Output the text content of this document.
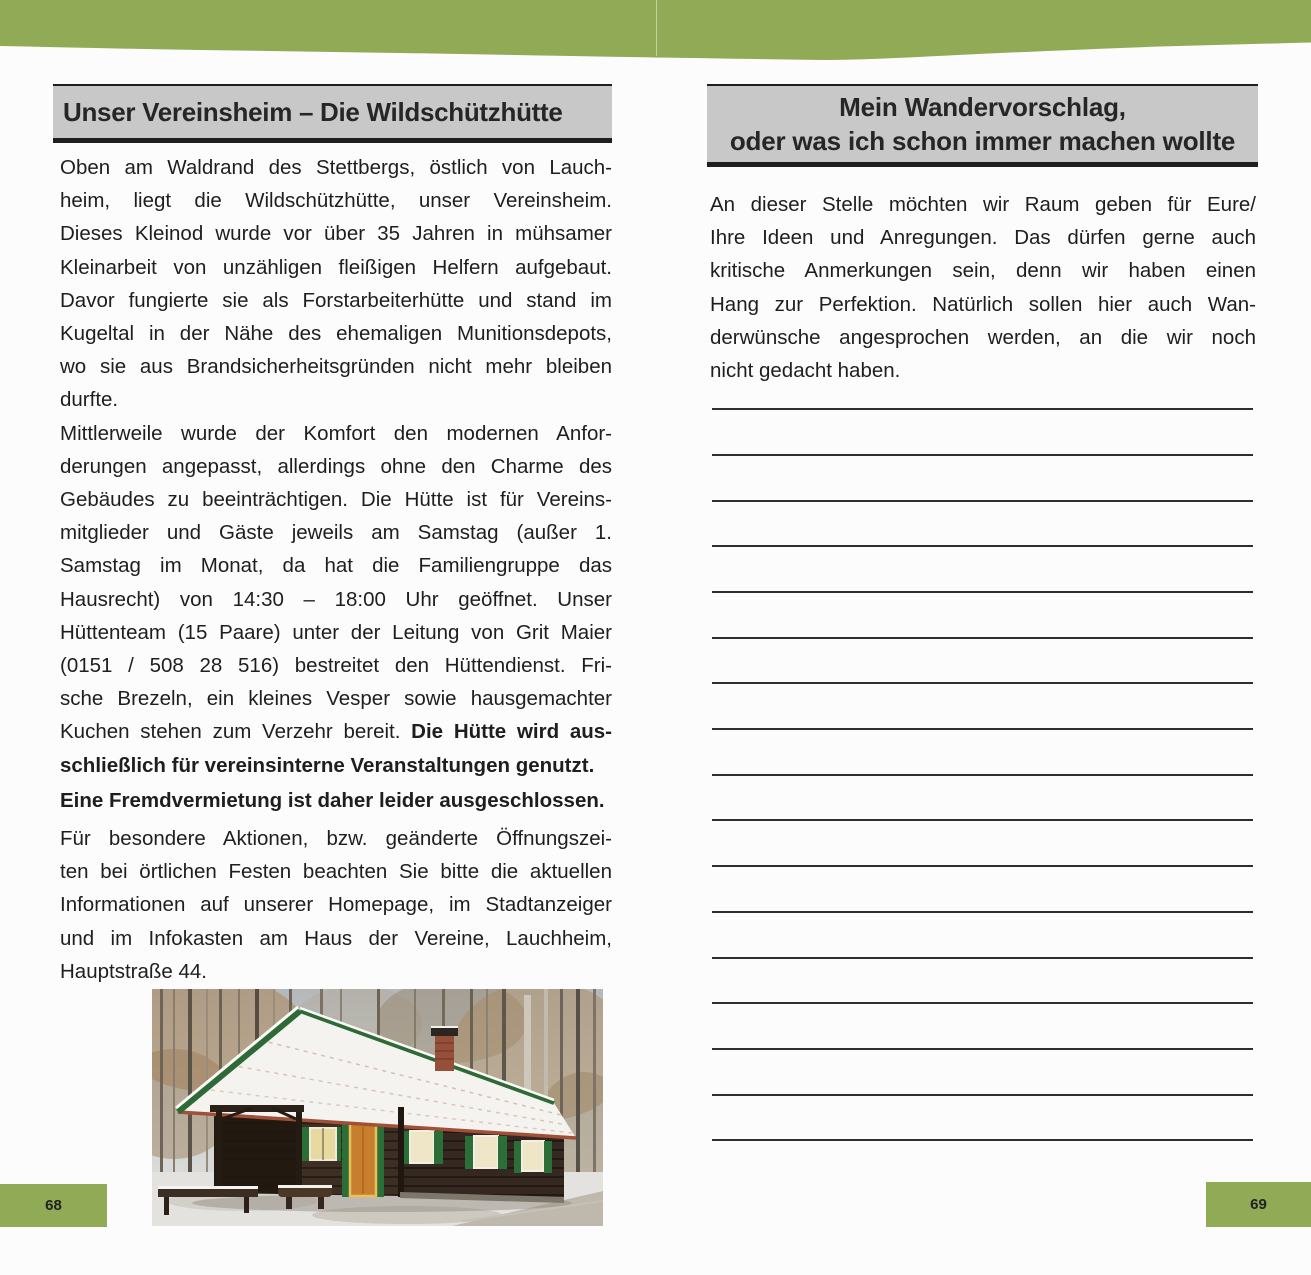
Unser Vereinsheim – Die Wildschützhütte
Oben am Waldrand des Stettbergs, östlich von Lauch-
heim, liegt die Wildschützhütte, unser Vereinsheim.
Dieses Kleinod wurde vor über 35 Jahren in mühsamer
Kleinarbeit von unzähligen fleißigen Helfern aufgebaut.
Davor fungierte sie als Forstarbeiterhütte und stand im
Kugeltal in der Nähe des ehemaligen Munitionsdepots,
wo sie aus Brandsicherheitsgründen nicht mehr bleiben
durfte.
Mittlerweile wurde der Komfort den modernen Anfor-
derungen angepasst, allerdings ohne den Charme des
Gebäudes zu beeinträchtigen. Die Hütte ist für Vereins-
mitglieder und Gäste jeweils am Samstag (außer 1.
Samstag im Monat, da hat die Familiengruppe das
Hausrecht) von 14:30 – 18:00 Uhr geöffnet. Unser
Hüttenteam (15 Paare) unter der Leitung von Grit Maier
(0151 / 508 28 516) bestreitet den Hüttendienst. Fri-
sche Brezeln, ein kleines Vesper sowie hausgemachter
Kuchen stehen zum Verzehr bereit. Die Hütte wird aus-
schließlich für vereinsinterne Veranstaltungen genutzt.
Eine Fremdvermietung ist daher leider ausgeschlossen.
Für besondere Aktionen, bzw. geänderte Öffnungszei-
ten bei örtlichen Festen beachten Sie bitte die aktuellen
Informationen auf unserer Homepage, im Stadtanzeiger
und im Infokasten am Haus der Vereine, Lauchheim,
Hauptstraße 44.
68
Mein Wandervorschlag,
oder was ich schon immer machen wollte
An dieser Stelle möchten wir Raum geben für Eure/
Ihre Ideen und Anregungen. Das dürfen gerne auch
kritische Anmerkungen sein, denn wir haben einen
Hang zur Perfektion. Natürlich sollen hier auch Wan-
derwünsche angesprochen werden, an die wir noch
nicht gedacht haben.
69
